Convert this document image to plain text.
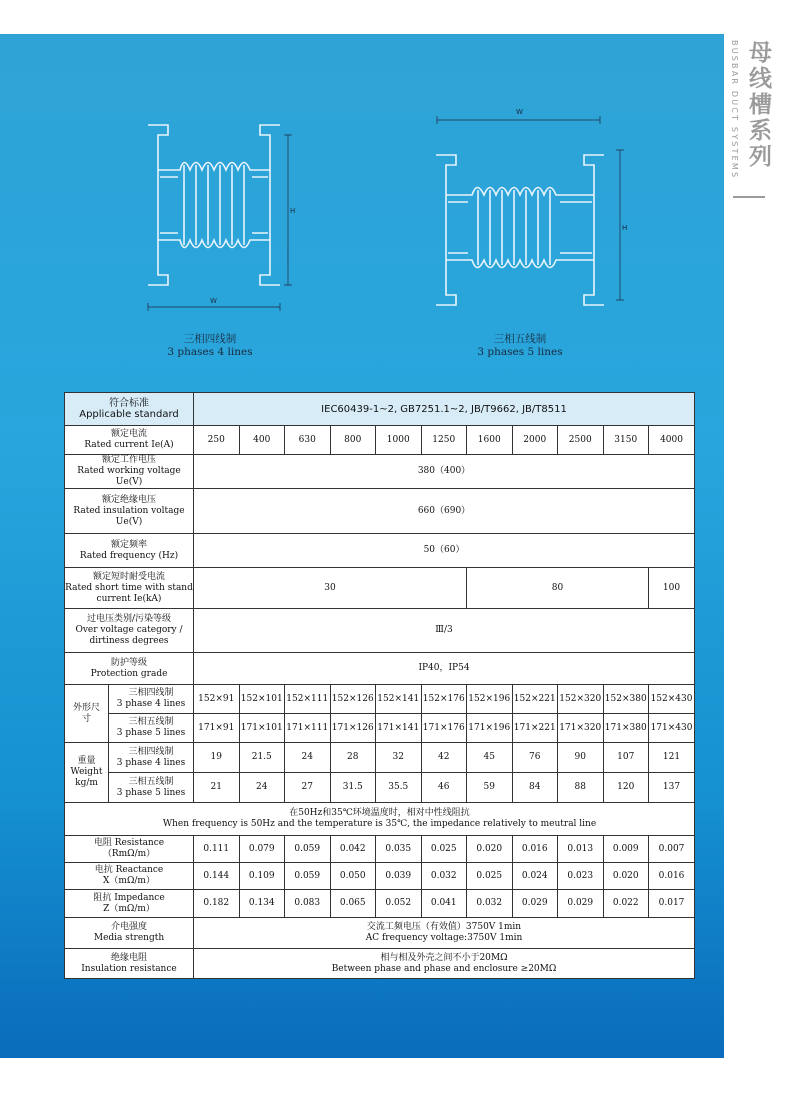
母线槽系列
BUSBAR DUCT SYSTEMS
H
W
三相四线制
3 phases 4 lines
W
H
三相五线制
3 phases 5 lines
符合标准
Applicable standard		IEC60439-1~2, GB7251.1~2, JB/T9662, JB/T8511										

额定电流
Rated current Ie(A)		250	400	630	800	1000	1250	1600	2000	2500	3150	4000

额定工作电压
Rated working voltage Ue(V)		380（400）										

额定绝缘电压
Rated insulation voltage Ue(V)		660（690）										

额定频率
Rated frequency (Hz)		50（60）										

额定短时耐受电流
Rated short time with stand current Ie(kA)		30						80				100

过电压类别/污染等级
Over voltage category / dirtiness degrees		Ⅲ/3										

防护等级
Protection grade		IP40，IP54										
外形尺寸	三相四线制
3 phase 4 lines	152×91	152×101	152×111	152×126	152×141	152×176	152×196	152×221	152×320	152×380	152×430

	三相五线制
3 phase 5 lines	171×91	171×101	171×111	171×126	171×141	171×176	171×196	171×221	171×320	171×380	171×430

重量
Weight
kg/m	三相四线制
3 phase 4 lines	19	21.5	24	28	32	42	45	76	90	107	121

	三相五线制
3 phase 5 lines	21	24	27	31.5	35.5	46	59	84	88	120	137

在50Hz和35℃环境温度时，相对中性线阻抗
When frequency is 50Hz and the temperature is 35℃, the impedance relatively to meutral line												

电阻 Resistance
（RmΩ/m）		0.111	0.079	0.059	0.042	0.035	0.025	0.020	0.016	0.013	0.009	0.007

电抗 Reactance
X（mΩ/m）		0.144	0.109	0.059	0.050	0.039	0.032	0.025	0.024	0.023	0.020	0.016

阻抗 Impedance
Z（mΩ/m）		0.182	0.134	0.083	0.065	0.052	0.041	0.032	0.029	0.029	0.022	0.017

介电强度
Media strength		交流工频电压（有效值）3750V 1min
AC frequency voltage:3750V 1min										

绝缘电阻
Insulation resistance		相与相及外壳之间不小于20MΩ
Between phase and phase and enclosure ≥20MΩ										
